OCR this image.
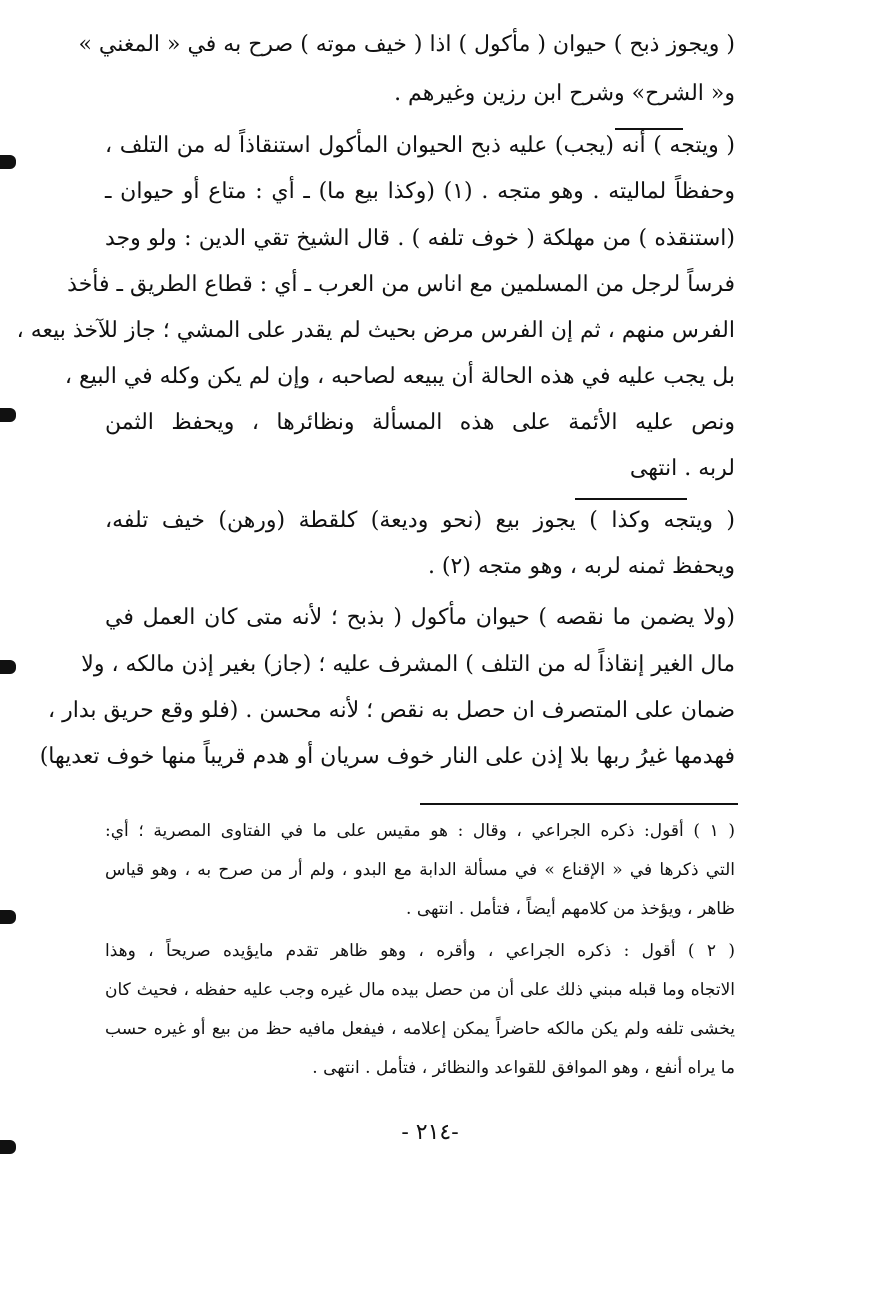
( ويجوز ذبح ) حيوان ( مأكول ) اذا ( خيف موته ) صرح به في « المغني »
و« الشرح» وشرح ابن رزين وغيرهم .
( ويتجه ) أنه (يجب) عليه ذبح الحيوان المأكول استنقاذاً له من التلف ،
وحفظاً لماليته . وهو متجه . (١) (وكذا بيع ما) ـ أي : متاع أو حيوان ـ
(استنقذه ) من مهلكة ( خوف تلفه ) . قال الشيخ تقي الدين : ولو وجد
فرساً لرجل من المسلمين مع اناس من العرب ـ أي : قطاع الطريق ـ فأخذ
الفرس منهم ، ثم إن الفرس مرض بحيث لم يقدر على المشي ؛ جاز للآخذ بيعه ،
بل يجب عليه في هذه الحالة أن يبيعه لصاحبه ، وإن لم يكن وكله في البيع ،
ونص عليه الأئمة على هذه المسألة ونظائرها ، ويحفظ الثمن
لربه . انتهى
( ويتجه وكذا ) يجوز بيع (نحو وديعة) كلقطة (ورهن) خيف تلفه،
ويحفظ ثمنه لربه ، وهو متجه (٢) .
(ولا يضمن ما نقصه ) حيوان مأكول ( بذبح ؛ لأنه متى كان العمل في
مال الغير إنقاذاً له من التلف ) المشرف عليه ؛ (جاز) بغير إذن مالكه ، ولا
ضمان على المتصرف ان حصل به نقص ؛ لأنه محسن . (فلو وقع حريق بدار ،
فهدمها غيرُ ربها بلا إذن على النار خوف سريان أو هدم قريباً منها خوف تعديها)
( ١ ) أقول: ذكره الجراعي ، وقال : هو مقيس على ما في الفتاوى المصرية ؛ أي:
التي ذكرها في « الإقناع » في مسألة الدابة مع البدو ، ولم أر من صرح به ، وهو قياس
ظاهر ، ويؤخذ من كلامهم أيضاً ، فتأمل . انتهى .
( ٢ ) أقول : ذكره الجراعي ، وأقره ، وهو ظاهر تقدم مايؤيده صريحاً ، وهذا
الاتجاه وما قبله مبني ذلك على أن من حصل بيده مال غيره وجب عليه حفظه ، فحيث كان
يخشى تلفه ولم يكن مالكه حاضراً يمكن إعلامه ، فيفعل مافيه حظ من بيع أو غيره حسب
ما يراه أنفع ، وهو الموافق للقواعد والنظائر ، فتأمل . انتهى .
-٢١٤ -
